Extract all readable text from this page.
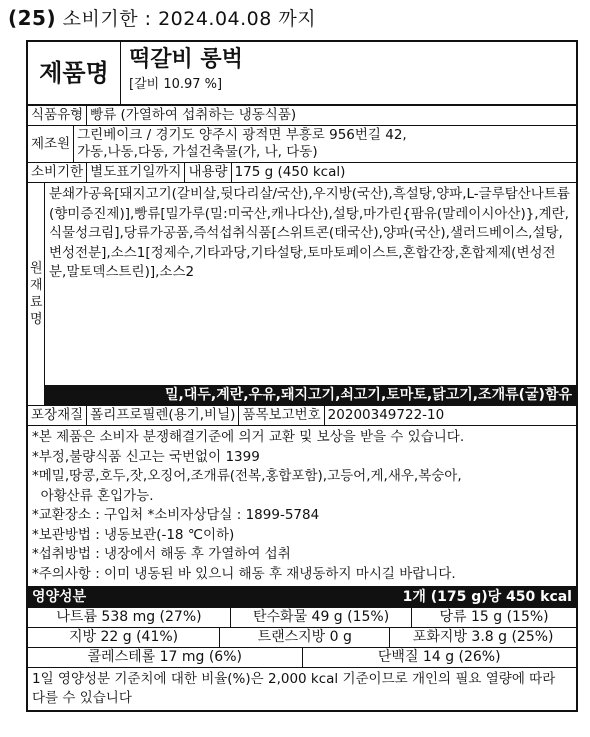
(25) 소비기한 : 2024.04.08 까지
제품명 떡갈비 롱벅
[갈비 10.97 %]
식품유형 빵류 (가열하여 섭취하는 냉동식품)
제조원
그린베이크 / 경기도 양주시 광적면 부흥로 956번길 42,
가동,나동,다동, 가설건축물(가, 나, 다동)
소비기한 별도표기일까지 내용량 175 g (450 kcal)
원
재
료
명
분쇄가공육[돼지고기(갈비살,뒷다리살/국산),우지방(국산),흑설탕,양파,L-글루탐산나트륨(향미증진제)],빵류[밀가루(밀:미국산,캐나다산),설탕,마가린{팜유(말레이시아산)},계란,식물성크림],당류가공품,즉석섭취식품[스위트콘(태국산),양파(국산),샐러드베이스,설탕,변성전분],소스1[정제수,기타과당,기타설탕,토마토페이스트,혼합간장,혼합제제(변성전분,말토덱스트린)],소스2
밀,대두,계란,우유,돼지고기,쇠고기,토마토,닭고기,조개류(굴)함유
포장재질 폴리프로필렌(용기,비닐) 품목보고번호 20200349722-10
*본 제품은 소비자 분쟁해결기준에 의거 교환 및 보상을 받을 수 있습니다.
*부정,불량식품 신고는 국번없이 1399
*메밀,땅콩,호두,잣,오징어,조개류(전복,홍합포함),고등어,게,새우,복숭아,
아황산류 혼입가능.
*교환장소 : 구입처 *소비자상담실 : 1899-5784
*보관방법 : 냉동보관(-18 ℃이하)
*섭취방법 : 냉장에서 해동 후 가열하여 섭취
*주의사항 : 이미 냉동된 바 있으니 해동 후 재냉동하지 마시길 바랍니다.
영양성분	1개 (175 g)당 450 kcal
나트륨 538 mg (27%)	탄수화물 49 g (15%)	당류 15 g (15%)
지방 22 g (41%)	트랜스지방 0 g	포화지방 3.8 g (25%)
콜레스테롤 17 mg (6%)	단백질 14 g (26%)
1일 영양성분 기준치에 대한 비율(%)은 2,000 kcal 기준이므로 개인의 필요 열량에 따라 다를 수 있습니다
